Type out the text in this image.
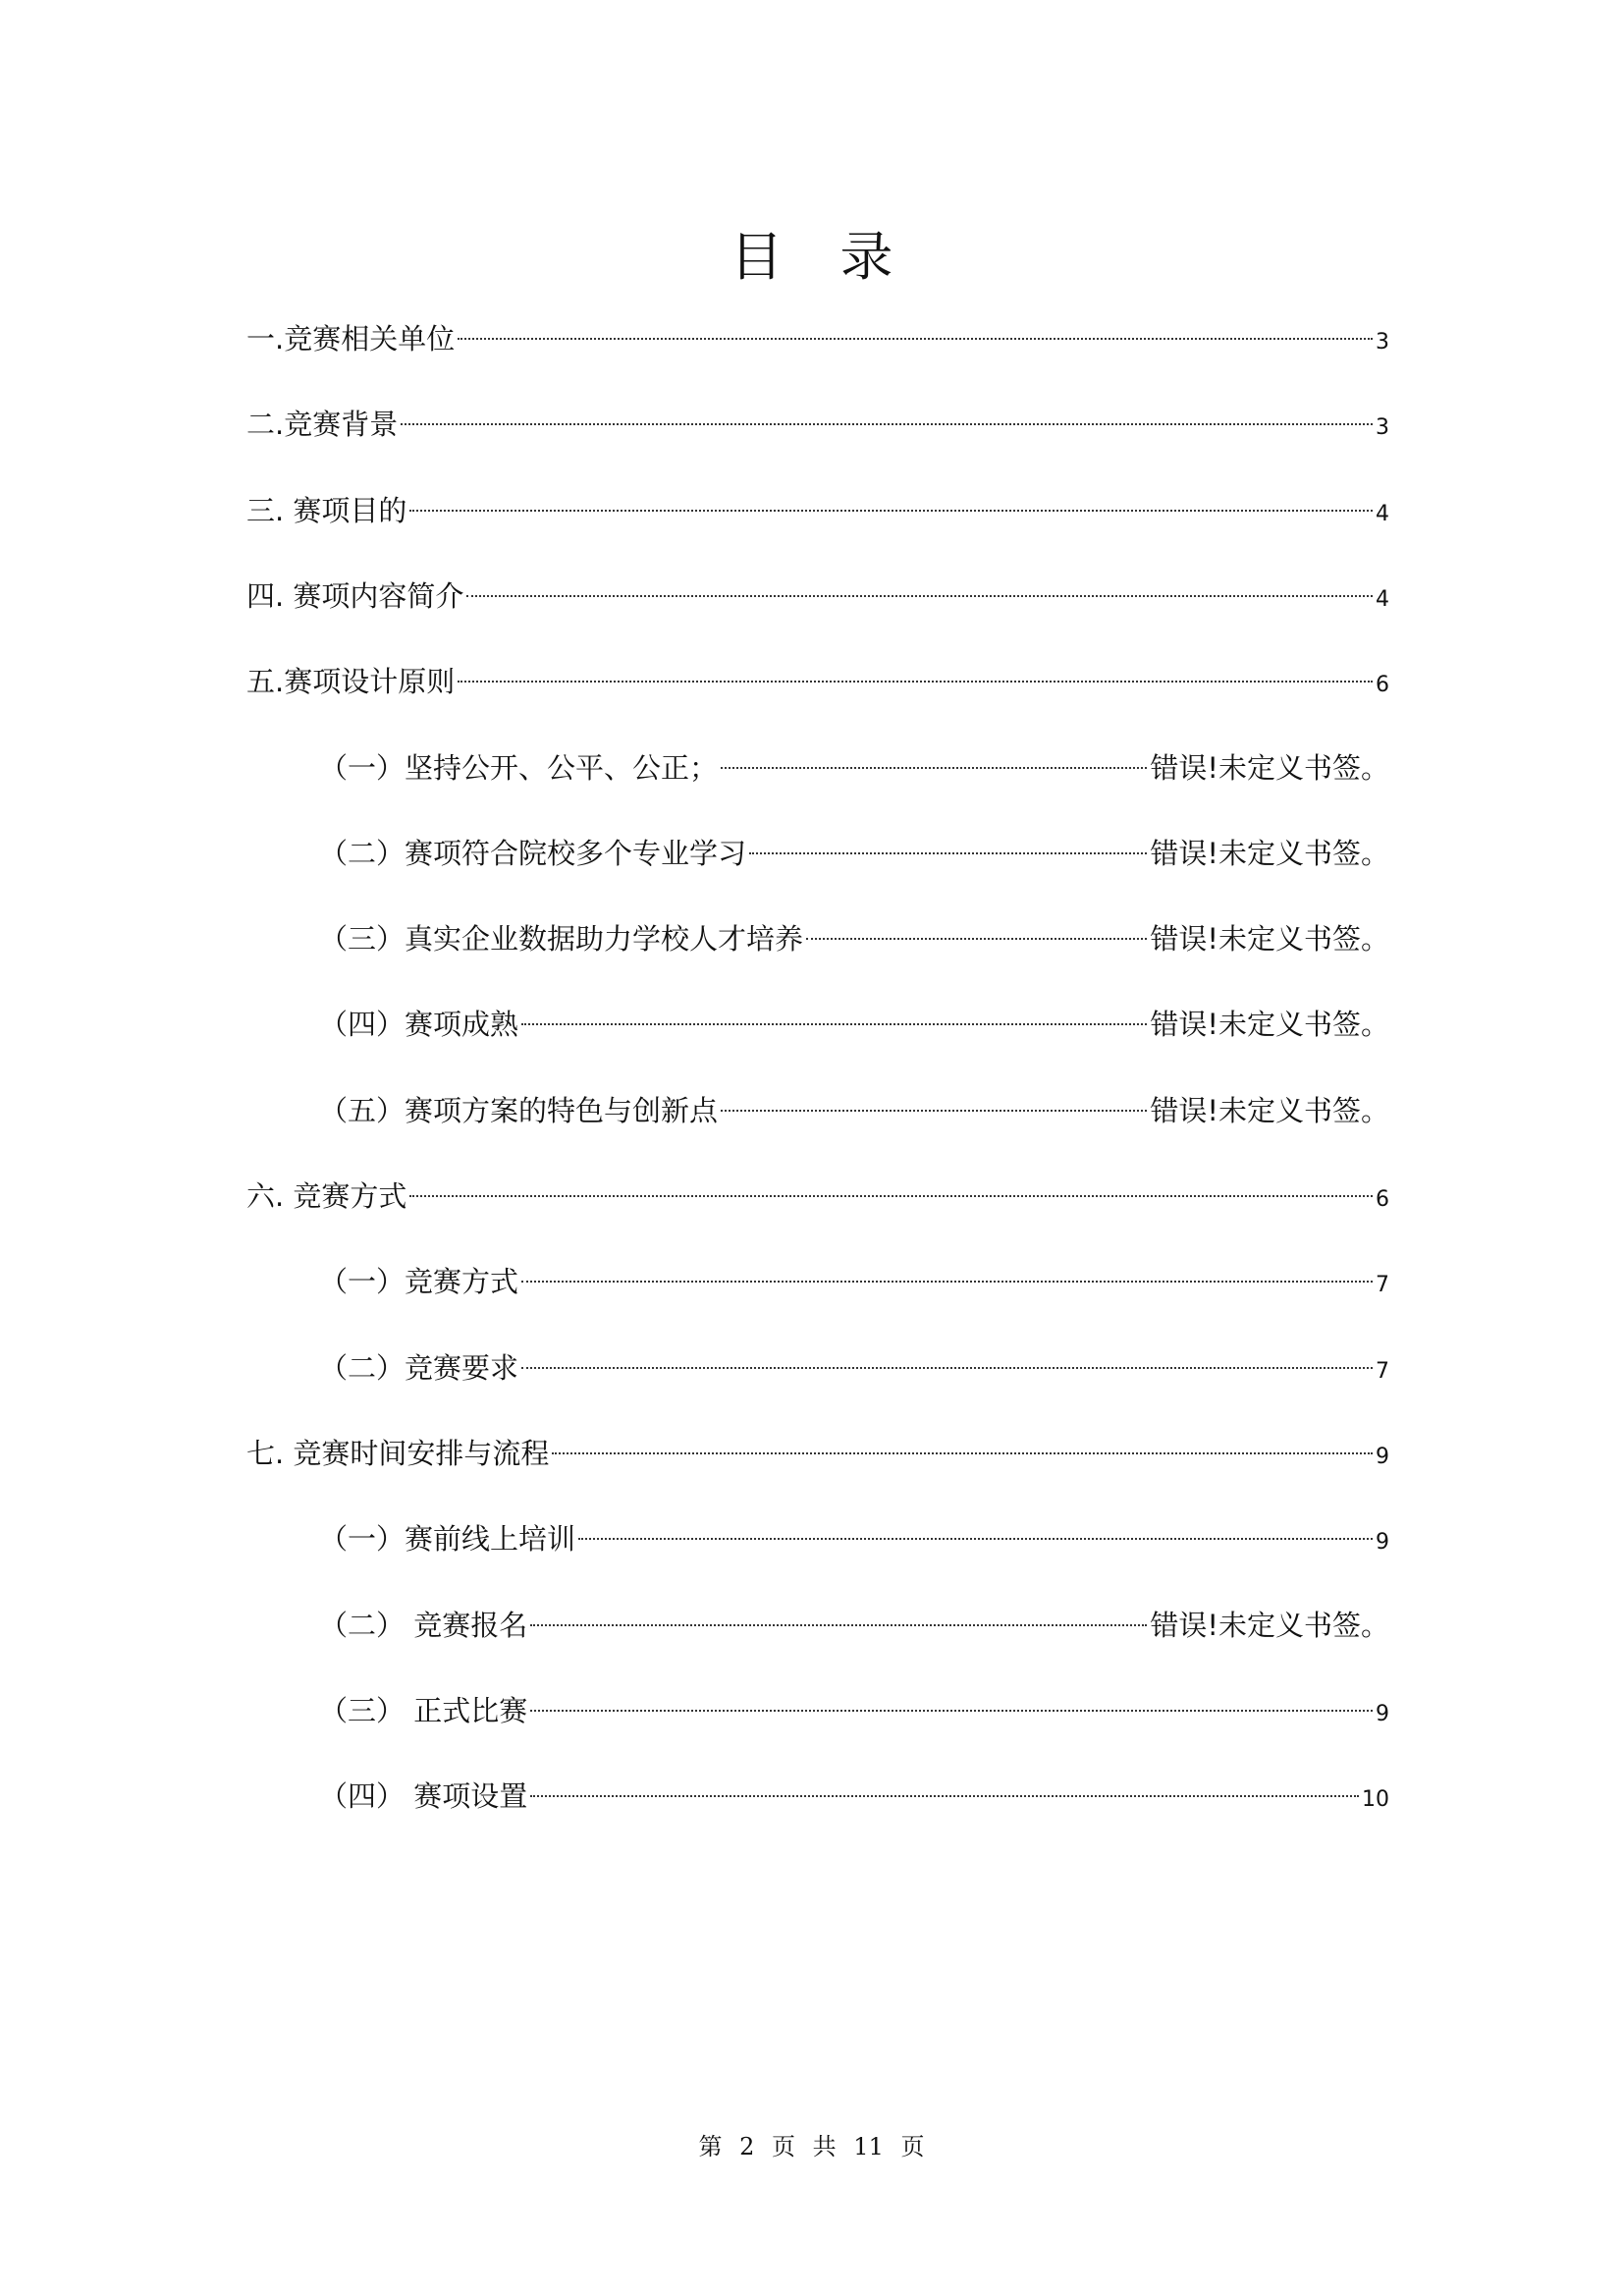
目 录
一.竞赛相关单位	3
二.竞赛背景	3
三. 赛项目的	4
四. 赛项内容简介	4
五.赛项设计原则	6
（一）坚持公开、公平、公正；	错误!未定义书签。
（二）赛项符合院校多个专业学习	错误!未定义书签。
（三）真实企业数据助力学校人才培养	错误!未定义书签。
（四）赛项成熟	错误!未定义书签。
（五）赛项方案的特色与创新点	错误!未定义书签。
六. 竞赛方式	6
（一）竞赛方式	7
（二）竞赛要求	7
七. 竞赛时间安排与流程	9
（一）赛前线上培训	9
（二） 竞赛报名	错误!未定义书签。
（三） 正式比赛	9
（四） 赛项设置	10
第 2 页 共 11 页
